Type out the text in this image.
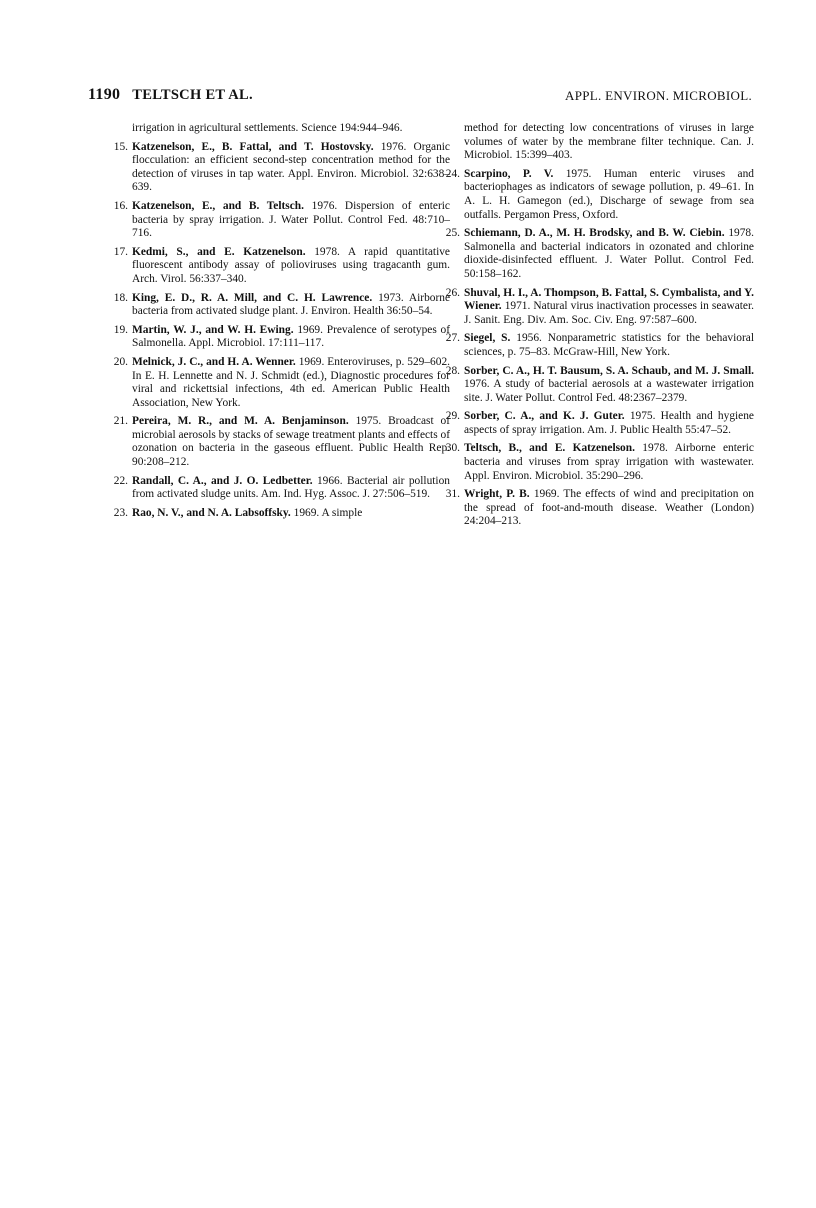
1190 TELTSCH ET AL.	APPL. ENVIRON. MICROBIOL.
irrigation in agricultural settlements. Science 194:944–946.
15. Katzenelson, E., B. Fattal, and T. Hostovsky. 1976. Organic flocculation: an efficient second-step concentration method for the detection of viruses in tap water. Appl. Environ. Microbiol. 32:638–639.
16. Katzenelson, E., and B. Teltsch. 1976. Dispersion of enteric bacteria by spray irrigation. J. Water Pollut. Control Fed. 48:710–716.
17. Kedmi, S., and E. Katzenelson. 1978. A rapid quantitative fluorescent antibody assay of polioviruses using tragacanth gum. Arch. Virol. 56:337–340.
18. King, E. D., R. A. Mill, and C. H. Lawrence. 1973. Airborne bacteria from activated sludge plant. J. Environ. Health 36:50–54.
19. Martin, W. J., and W. H. Ewing. 1969. Prevalence of serotypes of Salmonella. Appl. Microbiol. 17:111–117.
20. Melnick, J. C., and H. A. Wenner. 1969. Enteroviruses, p. 529–602. In E. H. Lennette and N. J. Schmidt (ed.), Diagnostic procedures for viral and rickettsial infections, 4th ed. American Public Health Association, New York.
21. Pereira, M. R., and M. A. Benjaminson. 1975. Broadcast of microbial aerosols by stacks of sewage treatment plants and effects of ozonation on bacteria in the gaseous effluent. Public Health Rep. 90:208–212.
22. Randall, C. A., and J. O. Ledbetter. 1966. Bacterial air pollution from activated sludge units. Am. Ind. Hyg. Assoc. J. 27:506–519.
23. Rao, N. V., and N. A. Labsoffsky. 1969. A simple
method for detecting low concentrations of viruses in large volumes of water by the membrane filter technique. Can. J. Microbiol. 15:399–403.
24. Scarpino, P. V. 1975. Human enteric viruses and bacteriophages as indicators of sewage pollution, p. 49–61. In A. L. H. Gamegon (ed.), Discharge of sewage from sea outfalls. Pergamon Press, Oxford.
25. Schiemann, D. A., M. H. Brodsky, and B. W. Ciebin. 1978. Salmonella and bacterial indicators in ozonated and chlorine dioxide-disinfected effluent. J. Water Pollut. Control Fed. 50:158–162.
26. Shuval, H. I., A. Thompson, B. Fattal, S. Cymbalista, and Y. Wiener. 1971. Natural virus inactivation processes in seawater. J. Sanit. Eng. Div. Am. Soc. Civ. Eng. 97:587–600.
27. Siegel, S. 1956. Nonparametric statistics for the behavioral sciences, p. 75–83. McGraw-Hill, New York.
28. Sorber, C. A., H. T. Bausum, S. A. Schaub, and M. J. Small. 1976. A study of bacterial aerosols at a wastewater irrigation site. J. Water Pollut. Control Fed. 48:2367–2379.
29. Sorber, C. A., and K. J. Guter. 1975. Health and hygiene aspects of spray irrigation. Am. J. Public Health 55:47–52.
30. Teltsch, B., and E. Katzenelson. 1978. Airborne enteric bacteria and viruses from spray irrigation with wastewater. Appl. Environ. Microbiol. 35:290–296.
31. Wright, P. B. 1969. The effects of wind and precipitation on the spread of foot-and-mouth disease. Weather (London) 24:204–213.
